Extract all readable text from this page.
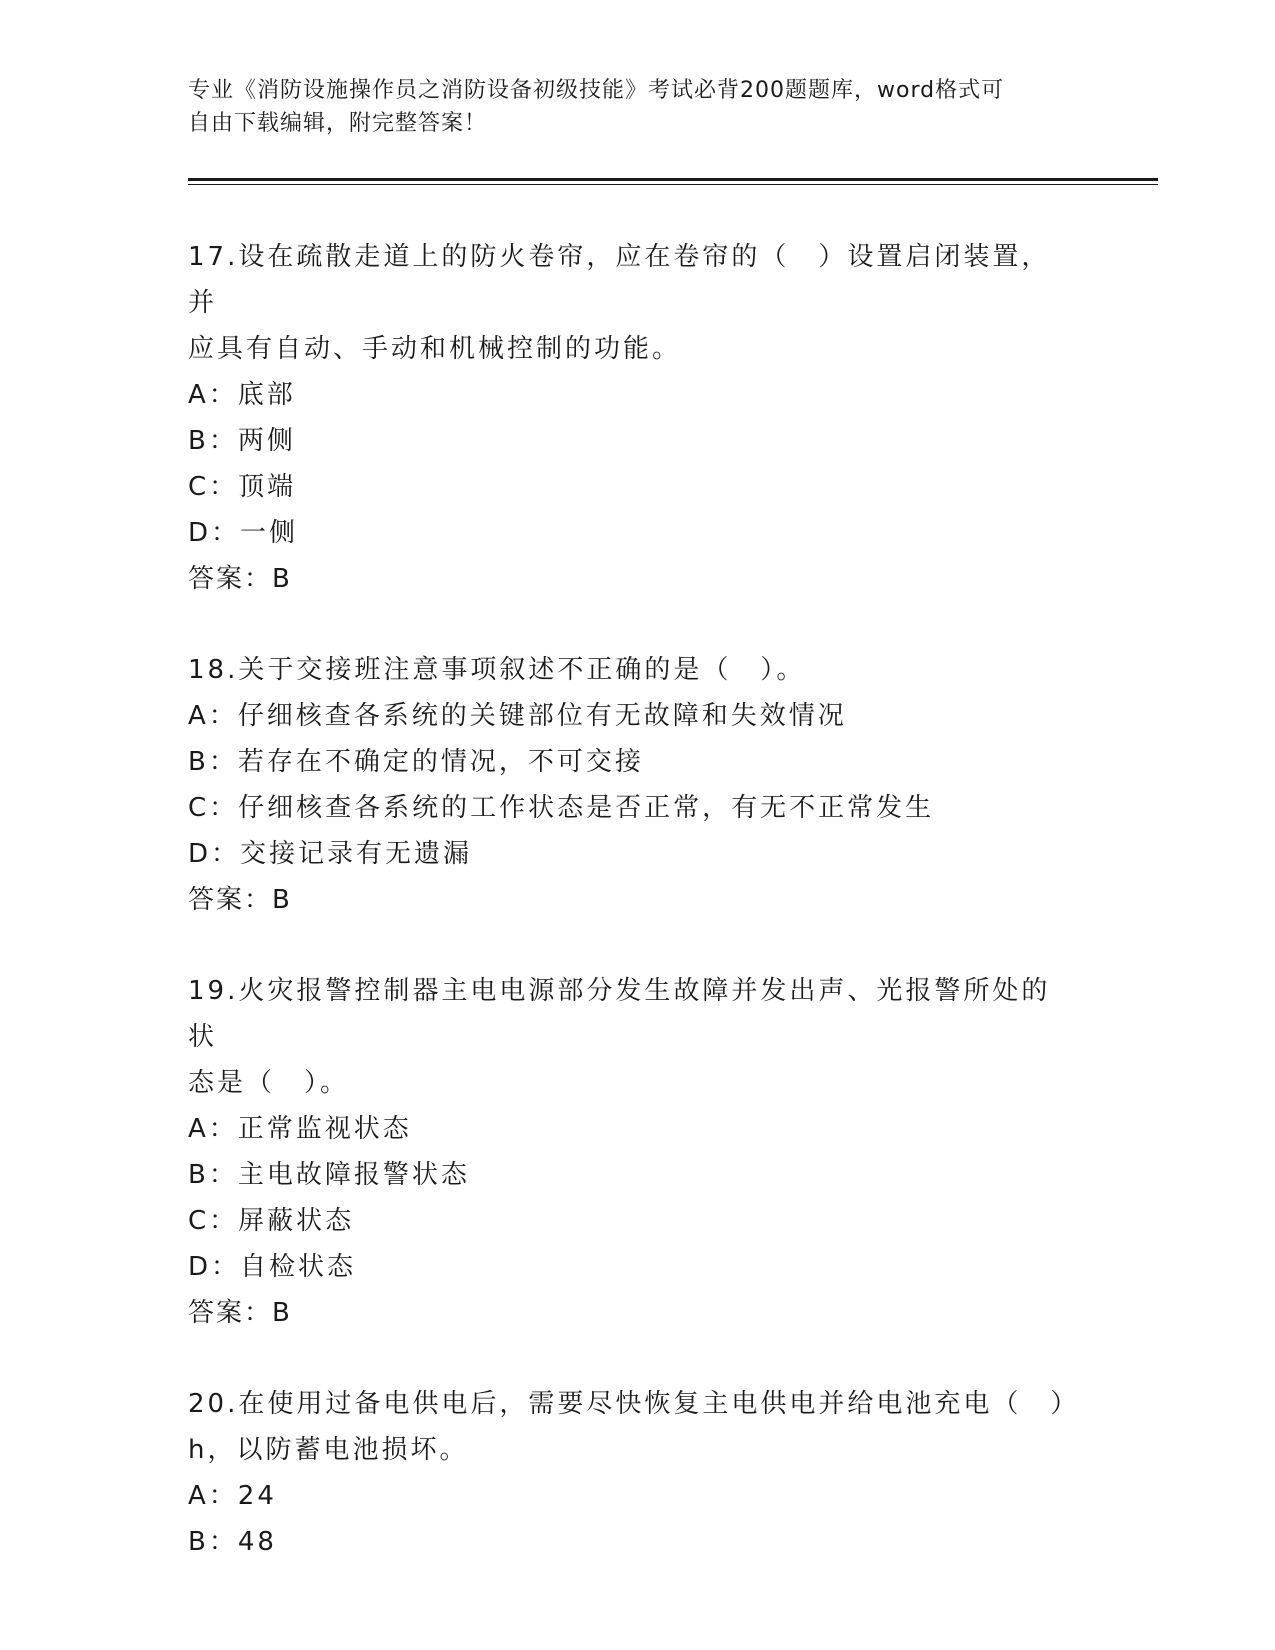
专业《消防设施操作员之消防设备初级技能》考试必背200题题库，word格式可
自由下载编辑，附完整答案！

17.设在疏散走道上的防火卷帘，应在卷帘的（　）设置启闭装置，并

应具有自动、手动和机械控制的功能。

A：底部

B：两侧

C：顶端

D：一侧

答案：B

18.关于交接班注意事项叙述不正确的是（　）。

A：仔细核查各系统的关键部位有无故障和失效情况

B：若存在不确定的情况，不可交接

C：仔细核查各系统的工作状态是否正常，有无不正常发生

D：交接记录有无遗漏

答案：B

19.火灾报警控制器主电电源部分发生故障并发出声、光报警所处的状

态是（　）。

A：正常监视状态

B：主电故障报警状态

C：屏蔽状态

D：自检状态

答案：B

20.在使用过备电供电后，需要尽快恢复主电供电并给电池充电（　）

h，以防蓄电池损坏。

A：24

B：48
